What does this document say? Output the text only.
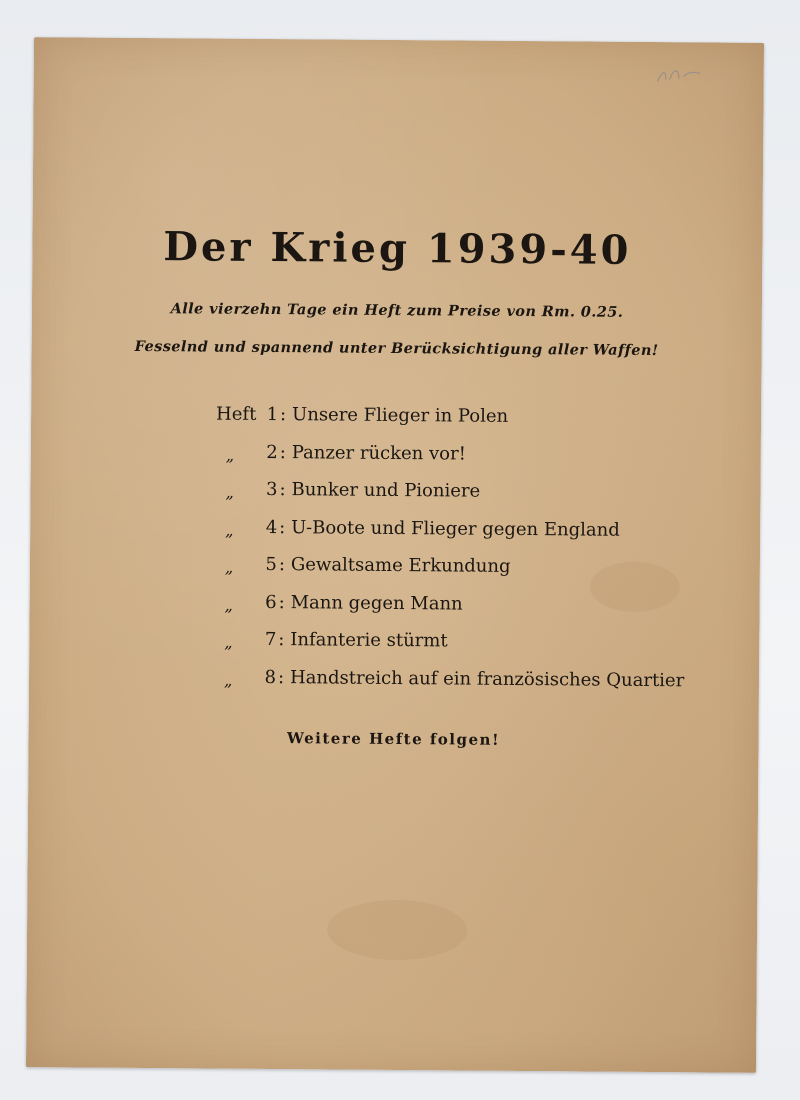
Der Krieg 1939-40
Alle vierzehn Tage ein Heft zum Preise von Rm. 0.25.
Fesselnd und spannend unter Berücksichtigung aller Waffen!
Heft 1 : Unsere Flieger in Polen
„	2 : Panzer rücken vor!
„	3 : Bunker und Pioniere
„	4 : U-Boote und Flieger gegen England
„	5 : Gewaltsame Erkundung
„	6 : Mann gegen Mann
„	7 : Infanterie stürmt
„	8 : Handstreich auf ein französisches Quartier
Weitere Hefte folgen!
